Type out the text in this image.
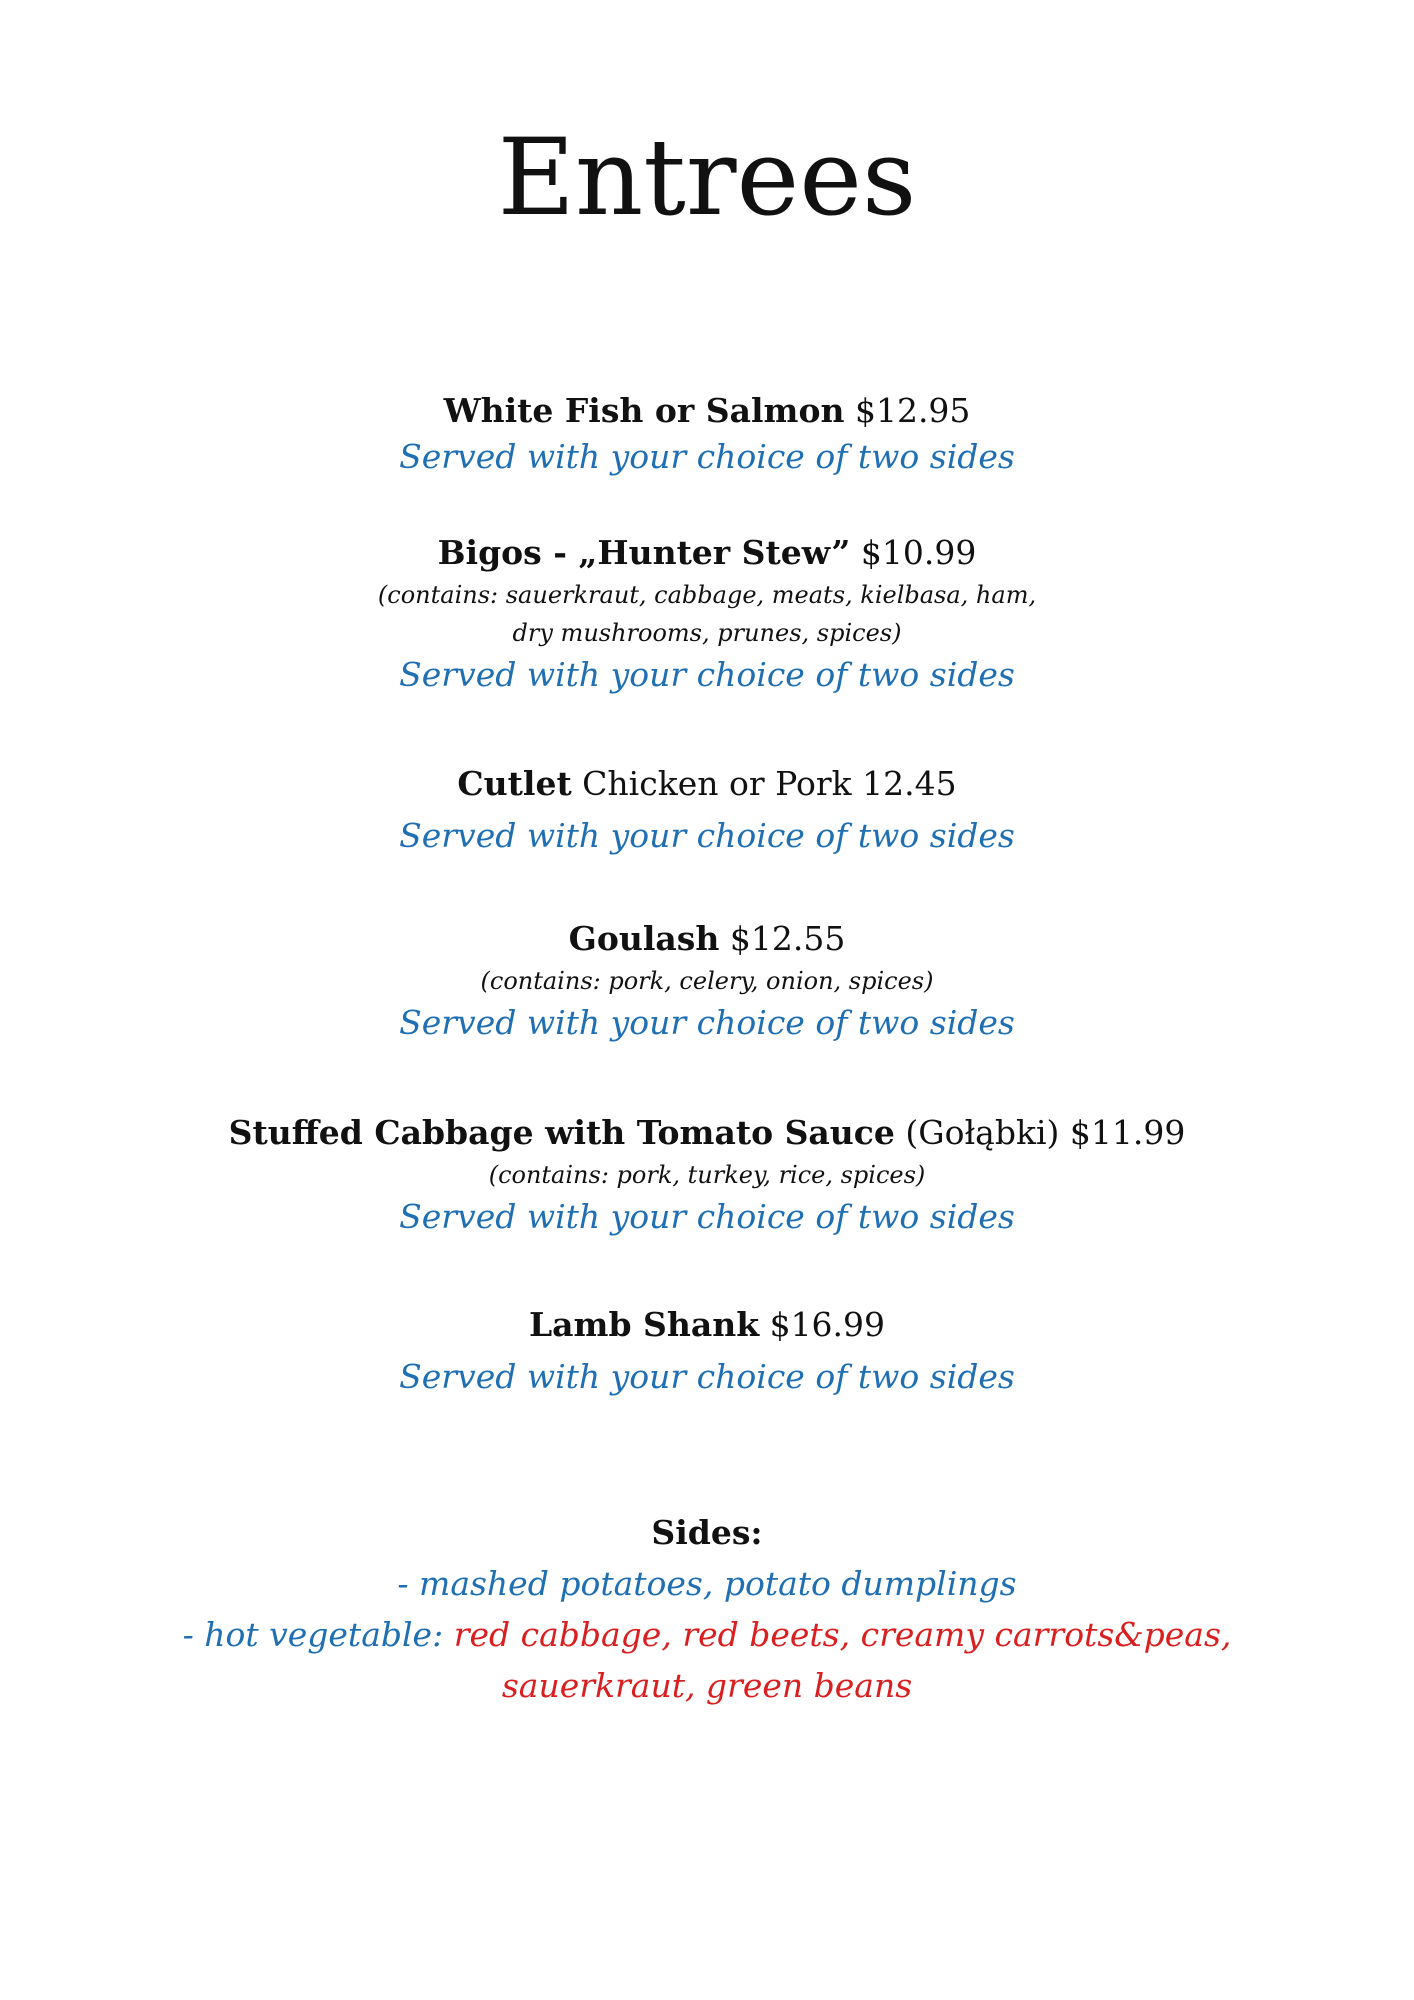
Entrees
White Fish or Salmon $12.95
Served with your choice of two sides
Bigos - „Hunter Stew” $10.99
(contains: sauerkraut, cabbage, meats, kielbasa, ham,
dry mushrooms, prunes, spices)
Served with your choice of two sides
Cutlet Chicken or Pork 12.45
Served with your choice of two sides
Goulash $12.55
(contains: pork, celery, onion, spices)
Served with your choice of two sides
Stuffed Cabbage with Tomato Sauce (Gołąbki) $11.99
(contains: pork, turkey, rice, spices)
Served with your choice of two sides
Lamb Shank $16.99
Served with your choice of two sides
Sides:
- mashed potatoes, potato dumplings
- hot vegetable: red cabbage, red beets, creamy carrots&peas,
sauerkraut, green beans
